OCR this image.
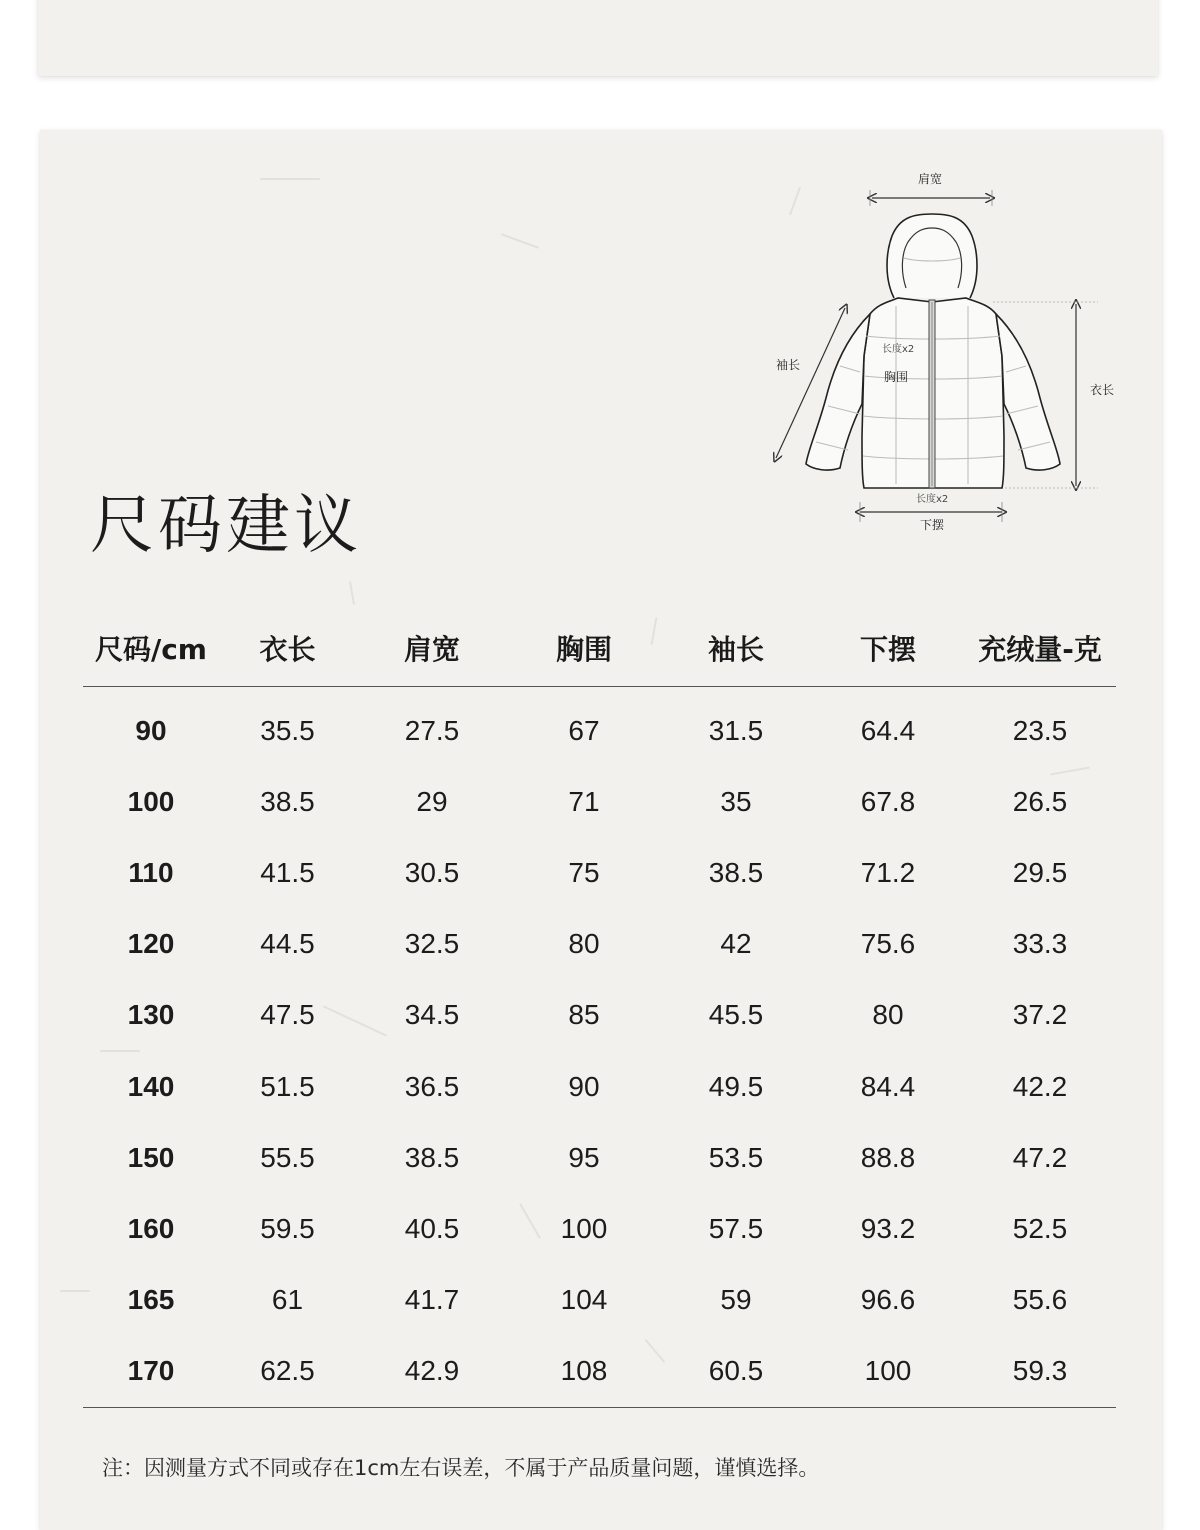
尺码建议
肩宽
袖长
长度x2
胸围
衣长
长度x2
下摆
尺码/cm	衣长	肩宽	胸围	袖长	下摆	充绒量-克
90	35.5	27.5	67	31.5	64.4	23.5
100	38.5	29	71	35	67.8	26.5
110	41.5	30.5	75	38.5	71.2	29.5
120	44.5	32.5	80	42	75.6	33.3
130	47.5	34.5	85	45.5	80	37.2
140	51.5	36.5	90	49.5	84.4	42.2
150	55.5	38.5	95	53.5	88.8	47.2
160	59.5	40.5	100	57.5	93.2	52.5
165	61	41.7	104	59	96.6	55.6
170	62.5	42.9	108	60.5	100	59.3
注：因测量方式不同或存在1cm左右误差，不属于产品质量问题，谨慎选择。
